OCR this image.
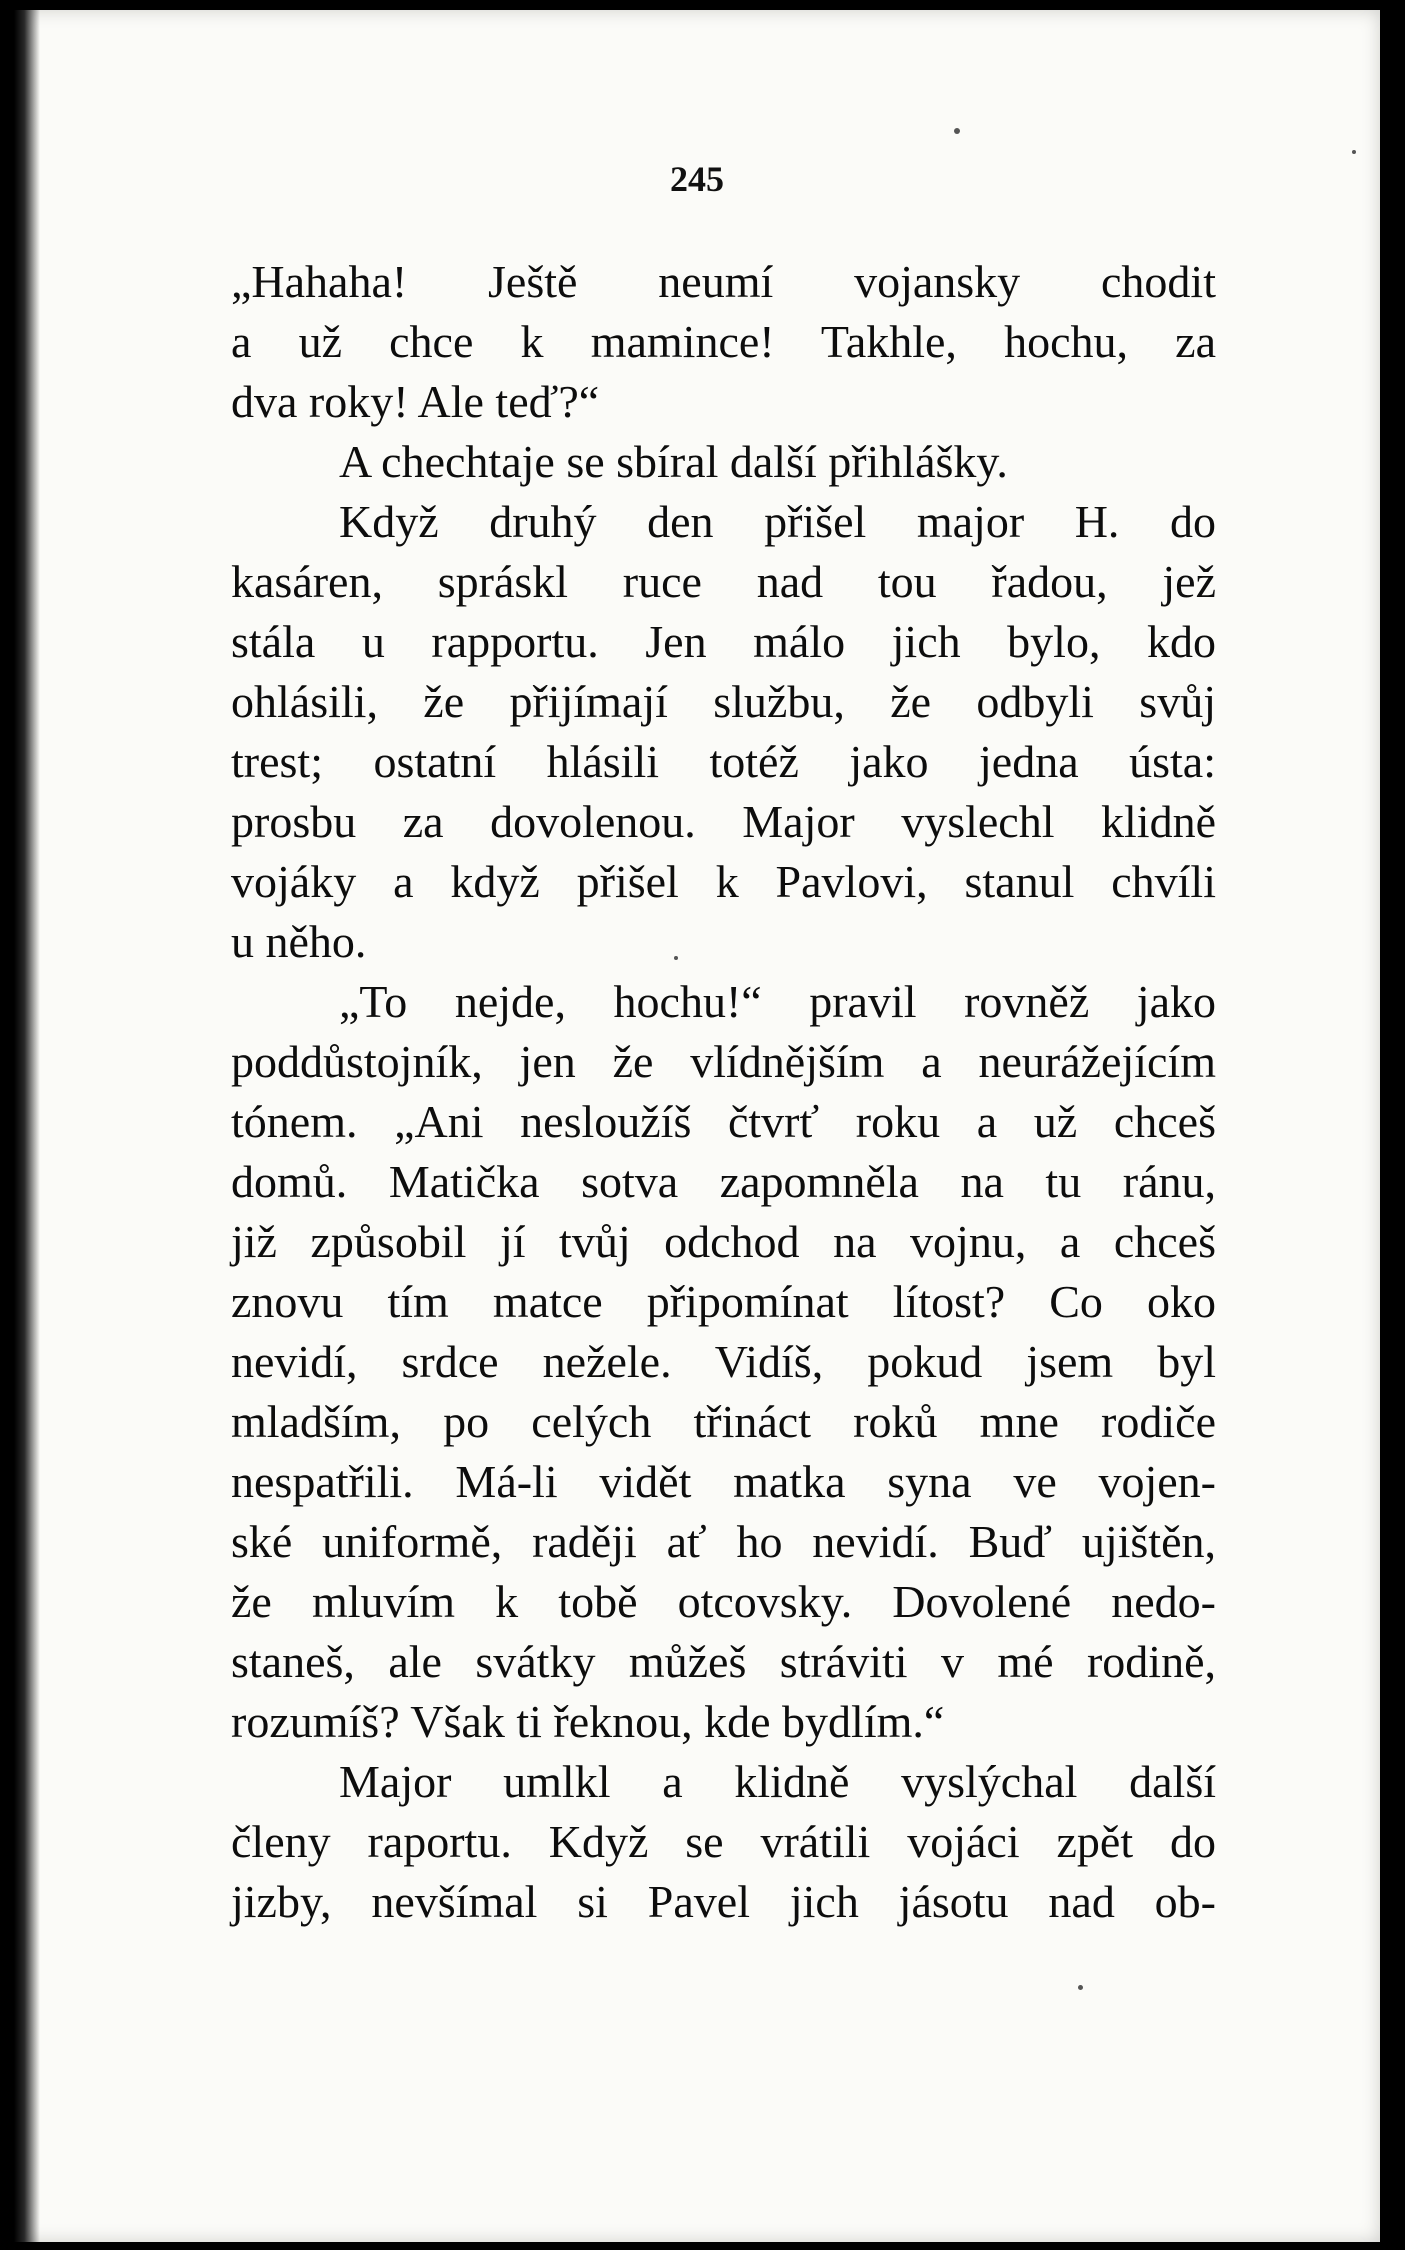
245
„Hahaha! Ještě neumí vojansky chodit
a už chce k mamince! Takhle, hochu, za
dva roky! Ale teď?“
A chechtaje se sbíral další přihlášky.
Když druhý den přišel major H. do
kasáren, spráskl ruce nad tou řadou, jež
stála u rapportu. Jen málo jich bylo, kdo
ohlásili, že přijímají službu, že odbyli svůj
trest; ostatní hlásili totéž jako jedna ústa:
prosbu za dovolenou. Major vyslechl klidně
vojáky a když přišel k Pavlovi, stanul chvíli
u něho.
„To nejde, hochu!“ pravil rovněž jako
poddůstojník, jen že vlídnějším a neurážejícím
tónem. „Ani nesloužíš čtvrť roku a už chceš
domů. Matička sotva zapomněla na tu ránu,
již způsobil jí tvůj odchod na vojnu, a chceš
znovu tím matce připomínat lítost? Co oko
nevidí, srdce nežele. Vidíš, pokud jsem byl
mladším, po celých třináct roků mne rodiče
nespatřili. Má-li vidět matka syna ve vojen-
ské uniformě, raději ať ho nevidí. Buď ujištěn,
že mluvím k tobě otcovsky. Dovolené nedo-
staneš, ale svátky můžeš stráviti v mé rodině,
rozumíš? Však ti řeknou, kde bydlím.“
Major umlkl a klidně vyslýchal další
členy raportu. Když se vrátili vojáci zpět do
jizby, nevšímal si Pavel jich jásotu nad ob-
